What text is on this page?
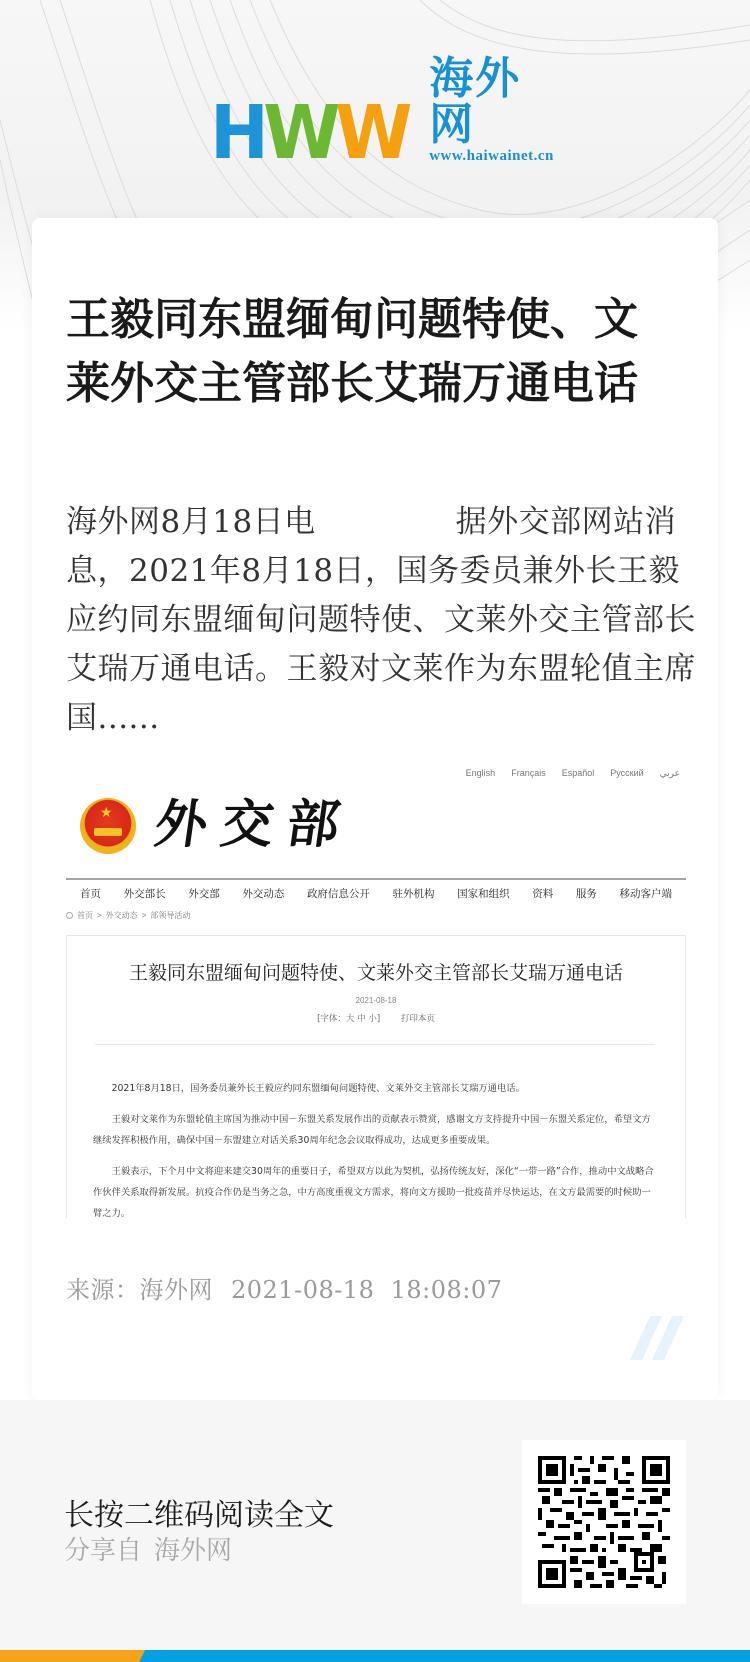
H W W
海外网
www.haiwainet.cn
王毅同东盟缅甸问题特使、文莱外交主管部长艾瑞万通电话

海外网8月18日电	据外交部网站消息，2021年8月18日，国务委员兼外长王毅应约同东盟缅甸问题特使、文莱外交主管部长艾瑞万通电话。王毅对文莱作为东盟轮值主席国......

English Français Español Русский عربي
★ 外交部
首页 外交部长 外交部 外交动态 政府信息公开 驻外机构 国家和组织 资料 服务 移动客户端
首页 > 外交动态 > 部领导活动
王毅同东盟缅甸问题特使、文莱外交主管部长艾瑞万通电话
2021-08-18
[字体：大 中 小] 打印本页

2021年8月18日，国务委员兼外长王毅应约同东盟缅甸问题特使、文莱外交主管部长艾瑞万通电话。

王毅对文莱作为东盟轮值主席国为推动中国－东盟关系发展作出的贡献表示赞赏，感谢文方支持提升中国－东盟关系定位，希望文方继续发挥积极作用，确保中国－东盟建立对话关系30周年纪念会议取得成功，达成更多重要成果。

王毅表示，下个月中文将迎来建交30周年的重要日子，希望双方以此为契机，弘扬传统友好，深化“一带一路”合作，推动中文战略合作伙伴关系取得新发展。抗疫合作仍是当务之急，中方高度重视文方需求，将向文方援助一批疫苗并尽快运达，在文方最需要的时候助一臂之力。

来源：海外网 2021-08-18  18:08:07
长按二维码阅读全文
分享自 海外网
